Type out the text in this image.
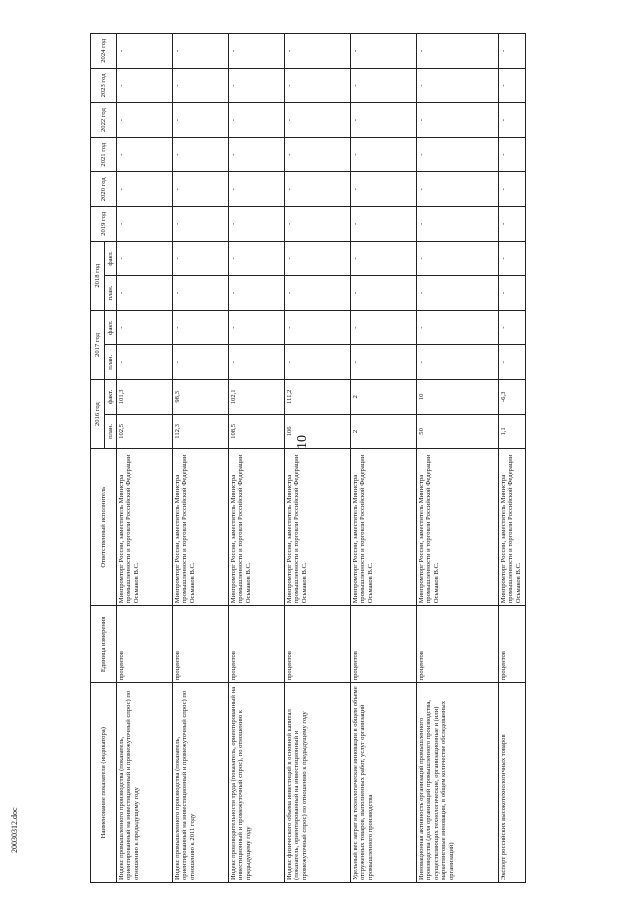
10
20030312.doc	Наименование показателя (индикатора)	Единица измерения	Ответственный исполнитель	2016 год		2017 год		2018 год		2019 год	2020 год	2021 год	2022 год	2023 год	2024 год
			план.	факт.	план.	факт.	план.	факт.						
Индекс промышленного производства (показатель, ориентированный на инвестиционный и промежуточный спрос) по отношению к предыдущему году	процентов	Минпромторг России, заместитель Министра промышленности и торговли Российской Федерации Осьмаков В.С.	102,5	101,3	-	-	-	-	-	-	-	-	-	-
Индекс промышленного производства (показатель, ориентированный на инвестиционный и промежуточный спрос) по отношению к 2011 году	процентов	Минпромторг России, заместитель Министра промышленности и торговли Российской Федерации Осьмаков В.С.	112,3	98,3	-	-	-	-	-	-	-	-	-	-
Индекс производительности труда (показатель, ориентированный на инвестиционный и промежуточный спрос), по отношению к предыдущему году	процентов	Минпромторг России, заместитель Министра промышленности и торговли Российской Федерации Осьмаков В.С.	108,5	102,1	-	-	-	-	-	-	-	-	-	-
Индекс физического объема инвестиций в основной капитал (показатель, ориентированный на инвестиционный и промежуточный спрос) по отношению к предыдущему году	процентов	Минпромторг России, заместитель Министра промышленности и торговли Российской Федерации Осьмаков В.С.	106	111,2	-	-	-	-	-	-	-	-	-	-
Удельный вес затрат на технологические инновации в общем объеме отгруженных товаров, выполненных работ, услуг организаций промышленного производства	процентов	Минпромторг России, заместитель Министра промышленности и торговли Российской Федерации Осьмаков В.С.	2	2	-	-	-	-	-	-	-	-	-	-
Инновационная активность организаций промышленного производства (доля организаций промышленного производства, осуществляющих технологические, организационные и (или) маркетинговые инновации, в общем количестве обследованных организаций)	процентов	Минпромторг России, заместитель Министра промышленности и торговли Российской Федерации Осьмаков В.С.	50	10	-	-	-	-	-	-	-	-	-	-
Экспорт российских высокотехнологичных товаров	процентов	Минпромторг России, заместитель Министра промышленности и торговли Российской Федерации Осьмаков В.С.	1,1	-6,3	-	-	-	-	-	-	-	-	-	-
